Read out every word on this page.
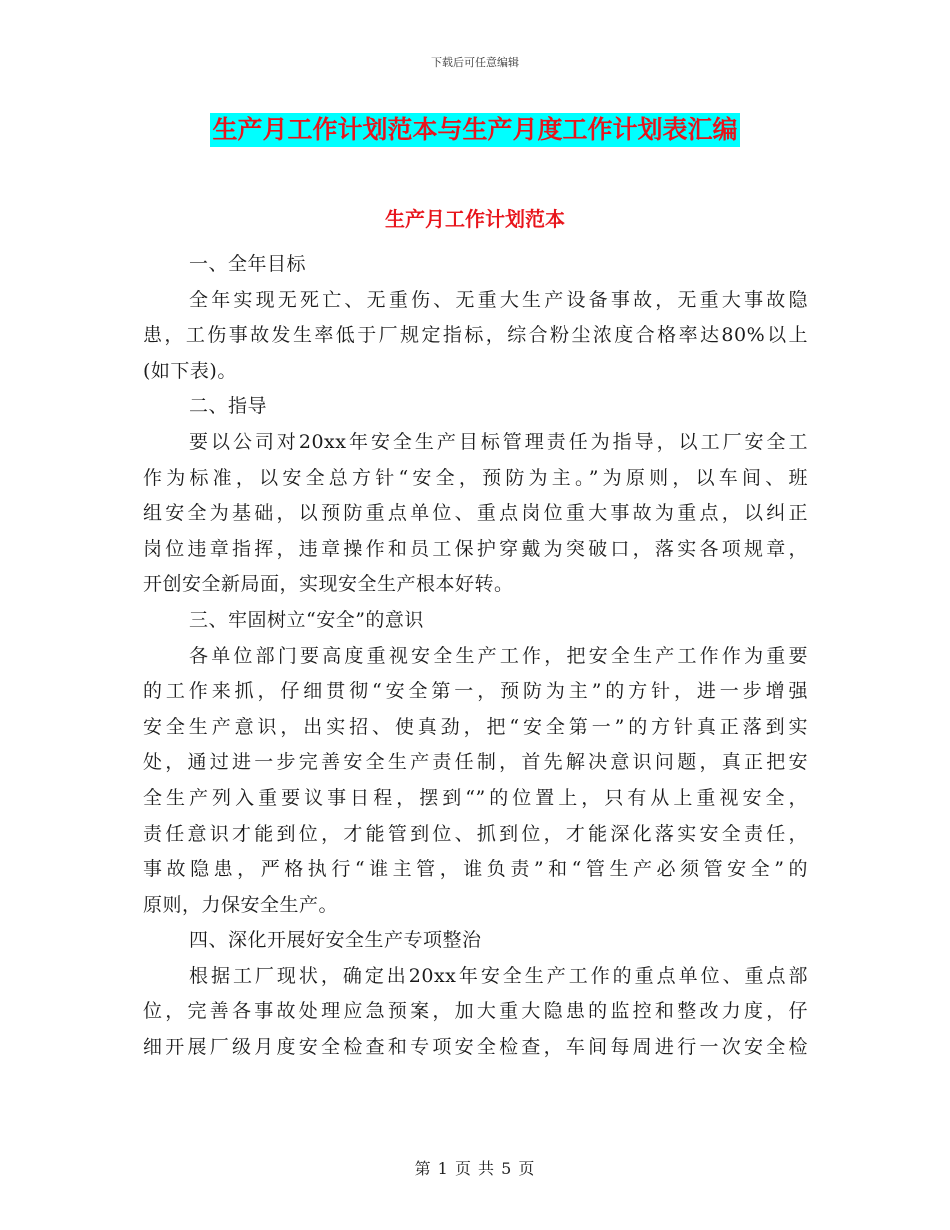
下载后可任意编辑
生产月工作计划范本与生产月度工作计划表汇编
生产月工作计划范本
一、全年目标
全年实现无死亡、无重伤、无重大生产设备事故，无重大事故隐
患，工伤事故发生率低于厂规定指标，综合粉尘浓度合格率达80%以上
(如下表)。
二、指导
要以公司对20xx年安全生产目标管理责任为指导，以工厂安全工
作为标准，以安全总方针“安全，预防为主。”为原则，以车间、班
组安全为基础，以预防重点单位、重点岗位重大事故为重点，以纠正
岗位违章指挥，违章操作和员工保护穿戴为突破口，落实各项规章，
开创安全新局面，实现安全生产根本好转。
三、牢固树立“安全”的意识
各单位部门要高度重视安全生产工作，把安全生产工作作为重要
的工作来抓，仔细贯彻“安全第一，预防为主”的方针，进一步增强
安全生产意识，出实招、使真劲，把“安全第一”的方针真正落到实
处，通过进一步完善安全生产责任制，首先解决意识问题，真正把安
全生产列入重要议事日程，摆到“”的位置上，只有从上重视安全，
责任意识才能到位，才能管到位、抓到位，才能深化落实安全责任，
事故隐患，严格执行“谁主管，谁负责”和“管生产必须管安全”的
原则，力保安全生产。
四、深化开展好安全生产专项整治
根据工厂现状，确定出20xx年安全生产工作的重点单位、重点部
位，完善各事故处理应急预案，加大重大隐患的监控和整改力度，仔
细开展厂级月度安全检查和专项安全检查，车间每周进行一次安全检
第 1 页 共 5 页
